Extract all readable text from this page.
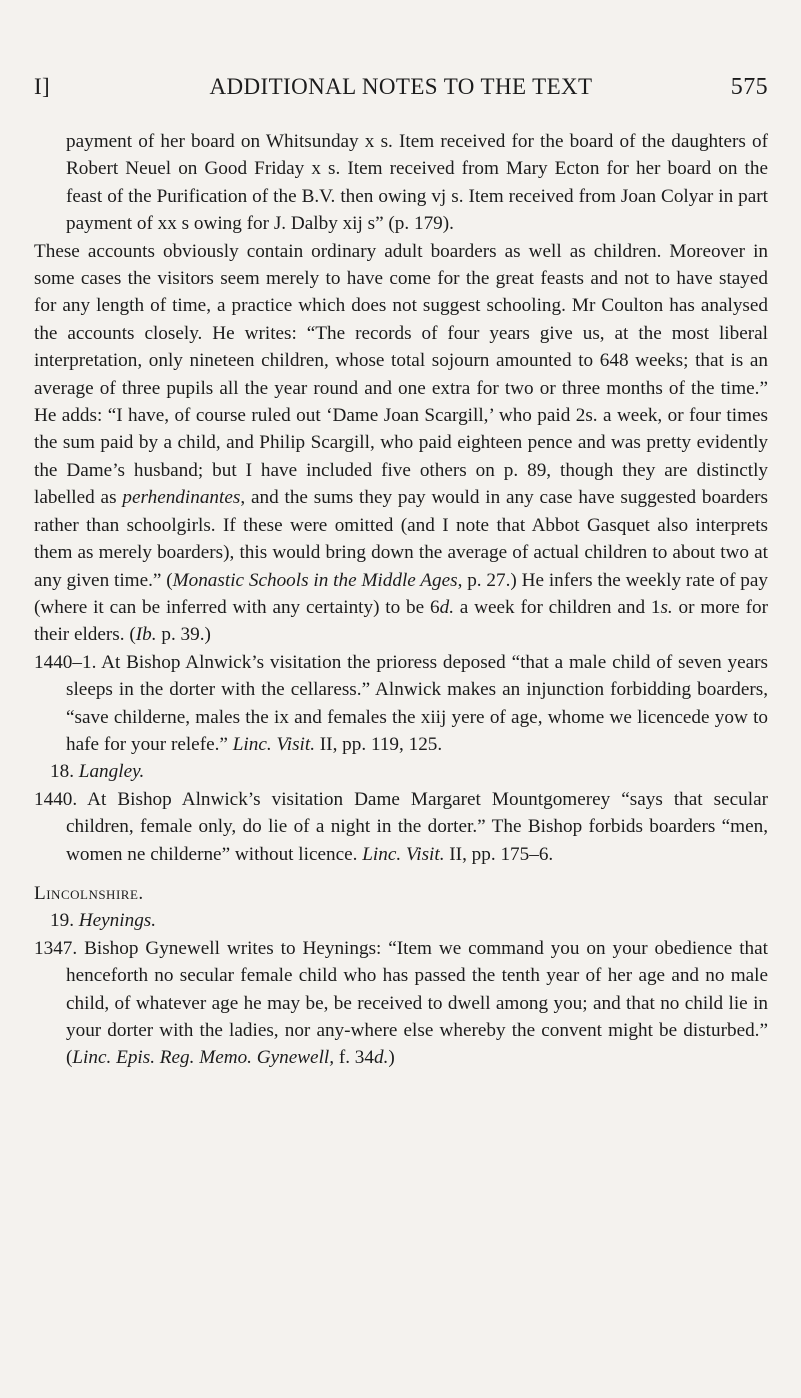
I]	ADDITIONAL NOTES TO THE TEXT	575

payment of her board on Whitsunday x s. Item received for the board of the daughters of Robert Neuel on Good Friday x s. Item received from Mary Ecton for her board on the feast of the Purification of the B.V. then owing vj s. Item received from Joan Colyar in part payment of xx s owing for J. Dalby xij s” (p. 179).

These accounts obviously contain ordinary adult boarders as well as children. Moreover in some cases the visitors seem merely to have come for the great feasts and not to have stayed for any length of time, a practice which does not suggest schooling. Mr Coulton has analysed the accounts closely. He writes: “The records of four years give us, at the most liberal interpretation, only nineteen children, whose total sojourn amounted to 648 weeks; that is an average of three pupils all the year round and one extra for two or three months of the time.” He adds: “I have, of course ruled out ‘Dame Joan Scargill,’ who paid 2s. a week, or four times the sum paid by a child, and Philip Scargill, who paid eighteen pence and was pretty evidently the Dame’s husband; but I have included five others on p. 89, though they are distinctly labelled as perhendinantes, and the sums they pay would in any case have suggested boarders rather than schoolgirls. If these were omitted (and I note that Abbot Gasquet also interprets them as merely boarders), this would bring down the average of actual children to about two at any given time.” (Monastic Schools in the Middle Ages, p. 27.) He infers the weekly rate of pay (where it can be inferred with any certainty) to be 6d. a week for children and 1s. or more for their elders. (Ib. p. 39.)

1440–1. At Bishop Alnwick’s visitation the prioress deposed “that a male child of seven years sleeps in the dorter with the cellaress.” Alnwick makes an injunction forbidding boarders, “save childerne, males the ix and females the xiij yere of age, whome we licencede yow to hafe for your relefe.” Linc. Visit. II, pp. 119, 125.

18. Langley.

1440. At Bishop Alnwick’s visitation Dame Margaret Mountgomerey “says that secular children, female only, do lie of a night in the dorter.” The Bishop forbids boarders “men, women ne childerne” without licence. Linc. Visit. II, pp. 175–6.

Lincolnshire.

19. Heynings.

1347. Bishop Gynewell writes to Heynings: “Item we command you on your obedience that henceforth no secular female child who has passed the tenth year of her age and no male child, of whatever age he may be, be received to dwell among you; and that no child lie in your dorter with the ladies, nor any-where else whereby the convent might be disturbed.” (Linc. Epis. Reg. Memo. Gynewell, f. 34d.)
